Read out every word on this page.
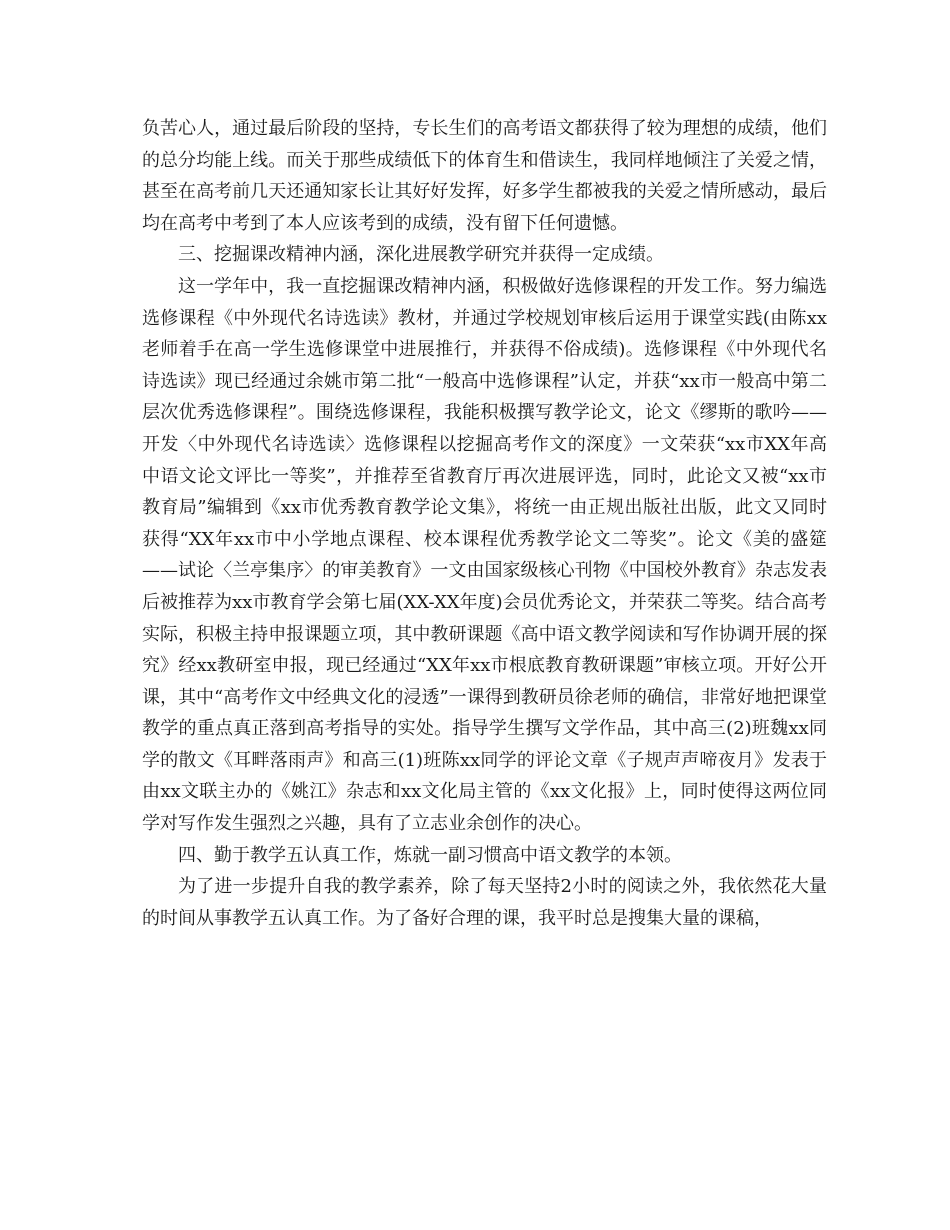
负苦心人，通过最后阶段的坚持，专长生们的高考语文都获得了较为理想的成绩，他们的总分均能上线。而关于那些成绩低下的体育生和借读生，我同样地倾注了关爱之情，甚至在高考前几天还通知家长让其好好发挥，好多学生都被我的关爱之情所感动，最后均在高考中考到了本人应该考到的成绩，没有留下任何遗憾。

三、挖掘课改精神内涵，深化进展教学研究并获得一定成绩。

这一学年中，我一直挖掘课改精神内涵，积极做好选修课程的开发工作。努力编选选修课程《中外现代名诗选读》教材，并通过学校规划审核后运用于课堂实践(由陈xx老师着手在高一学生选修课堂中进展推行，并获得不俗成绩)。选修课程《中外现代名诗选读》现已经通过余姚市第二批“一般高中选修课程”认定，并获“xx市一般高中第二层次优秀选修课程”。围绕选修课程，我能积极撰写教学论文，论文《缪斯的歌吟——开发〈中外现代名诗选读〉选修课程以挖掘高考作文的深度》一文荣获“xx市XX年高中语文论文评比一等奖”，并推荐至省教育厅再次进展评选，同时，此论文又被“xx市教育局”编辑到《xx市优秀教育教学论文集》，将统一由正规出版社出版，此文又同时获得“XX年xx市中小学地点课程、校本课程优秀教学论文二等奖”。论文《美的盛筵——试论〈兰亭集序〉的审美教育》一文由国家级核心刊物《中国校外教育》杂志发表后被推荐为xx市教育学会第七届(XX-XX年度)会员优秀论文，并荣获二等奖。结合高考实际，积极主持申报课题立项，其中教研课题《高中语文教学阅读和写作协调开展的探究》经xx教研室申报，现已经通过“XX年xx市根底教育教研课题”审核立项。开好公开课，其中“高考作文中经典文化的浸透”一课得到教研员徐老师的确信，非常好地把课堂教学的重点真正落到高考指导的实处。指导学生撰写文学作品，其中高三(2)班魏xx同学的散文《耳畔落雨声》和高三(1)班陈xx同学的评论文章《子规声声啼夜月》发表于由xx文联主办的《姚江》杂志和xx文化局主管的《xx文化报》上，同时使得这两位同学对写作发生强烈之兴趣，具有了立志业余创作的决心。

四、勤于教学五认真工作，炼就一副习惯高中语文教学的本领。

为了进一步提升自我的教学素养，除了每天坚持2小时的阅读之外，我依然花大量的时间从事教学五认真工作。为了备好合理的课，我平时总是搜集大量的课稿，
